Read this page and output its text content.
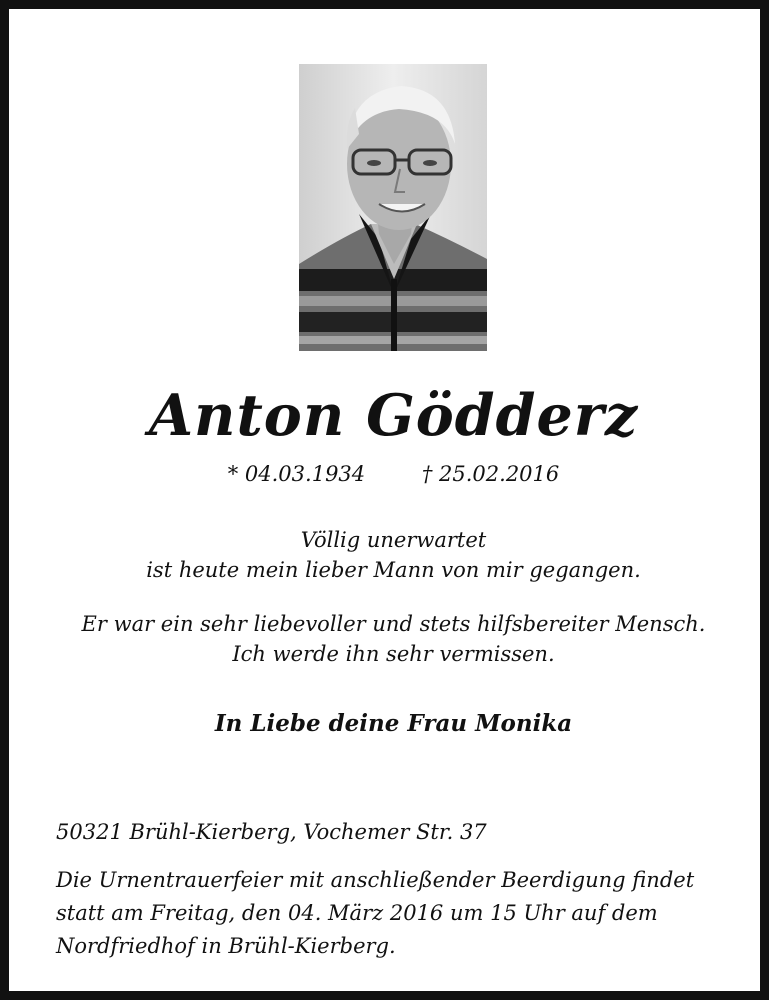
Anton Gödderz
* 04.03.1934	† 25.02.2016
Völlig unerwartet
ist heute mein lieber Mann von mir gegangen.
Er war ein sehr liebevoller und stets hilfsbereiter Mensch.
Ich werde ihn sehr vermissen.
In Liebe deine Frau Monika
50321 Brühl-Kierberg, Vochemer Str. 37
Die Urnentrauerfeier mit anschließender Beerdigung findet
statt am Freitag, den 04. März 2016 um 15 Uhr auf dem
Nordfriedhof in Brühl-Kierberg.
